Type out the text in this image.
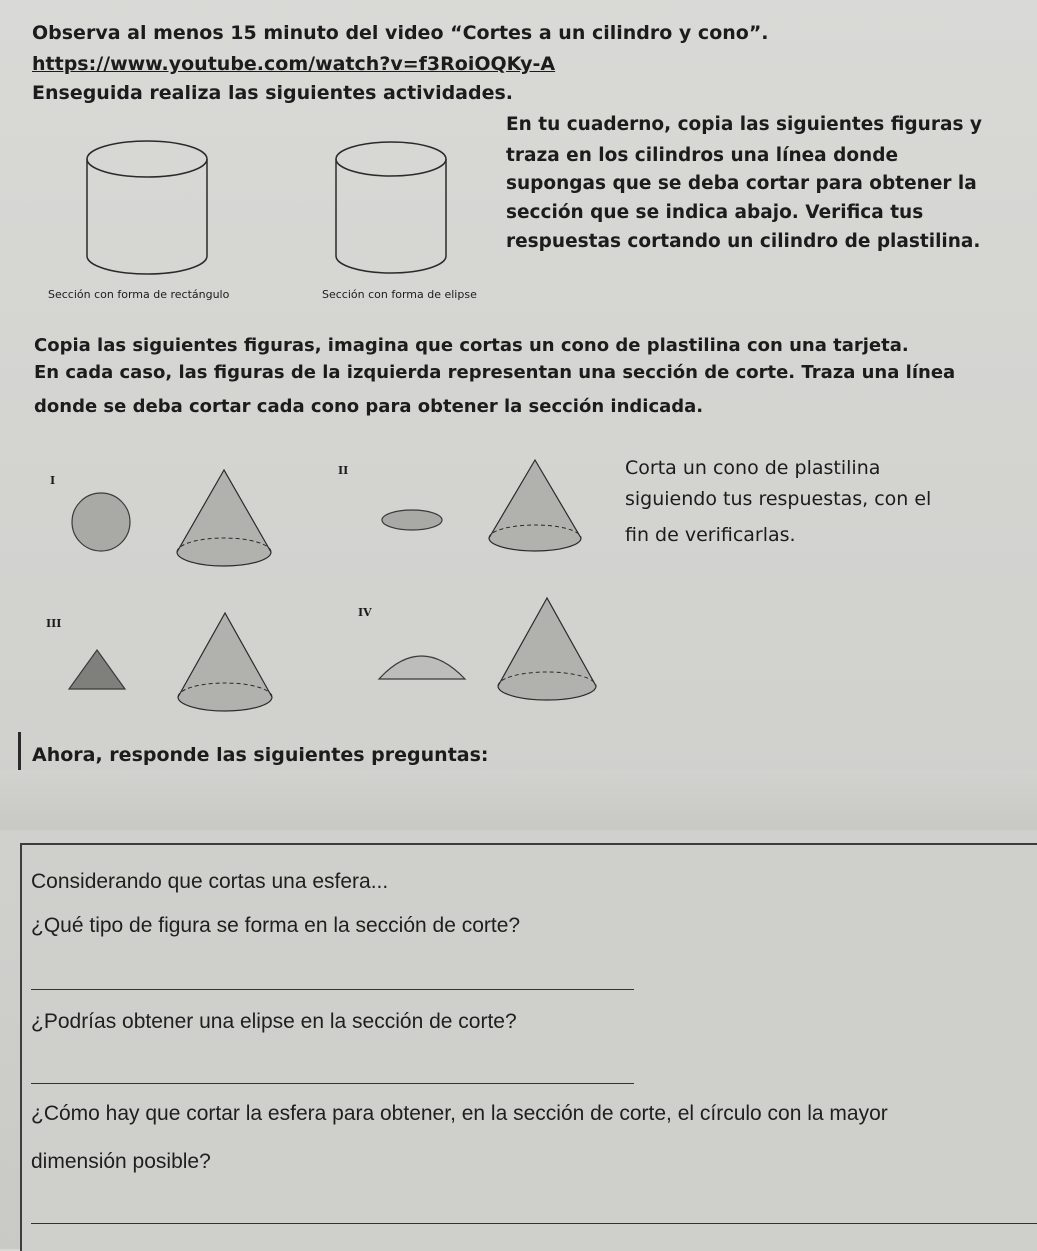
Observa al menos 15 minuto del video “Cortes a un cilindro y cono”.
https://www.youtube.com/watch?v=f3RoiOQKy-A
Enseguida realiza las siguientes actividades.
En tu cuaderno, copia las siguientes figuras y
traza en los cilindros una línea donde
supongas que se deba cortar para obtener la
sección que se indica abajo. Verifica tus
respuestas cortando un cilindro de plastilina.
Sección con forma de rectángulo	Sección con forma de elipse
Copia las siguientes figuras, imagina que cortas un cono de plastilina con una tarjeta.
En cada caso, las figuras de la izquierda representan una sección de corte. Traza una línea
donde se deba cortar cada cono para obtener la sección indicada.
I
II
III
IV
Corta un cono de plastilina
siguiendo tus respuestas, con el
fin de verificarlas.
Ahora, responde las siguientes preguntas:
Considerando que cortas una esfera...
¿Qué tipo de figura se forma en la sección de corte?
¿Podrías obtener una elipse en la sección de corte?
¿Cómo hay que cortar la esfera para obtener, en la sección de corte, el círculo con la mayor
dimensión posible?
